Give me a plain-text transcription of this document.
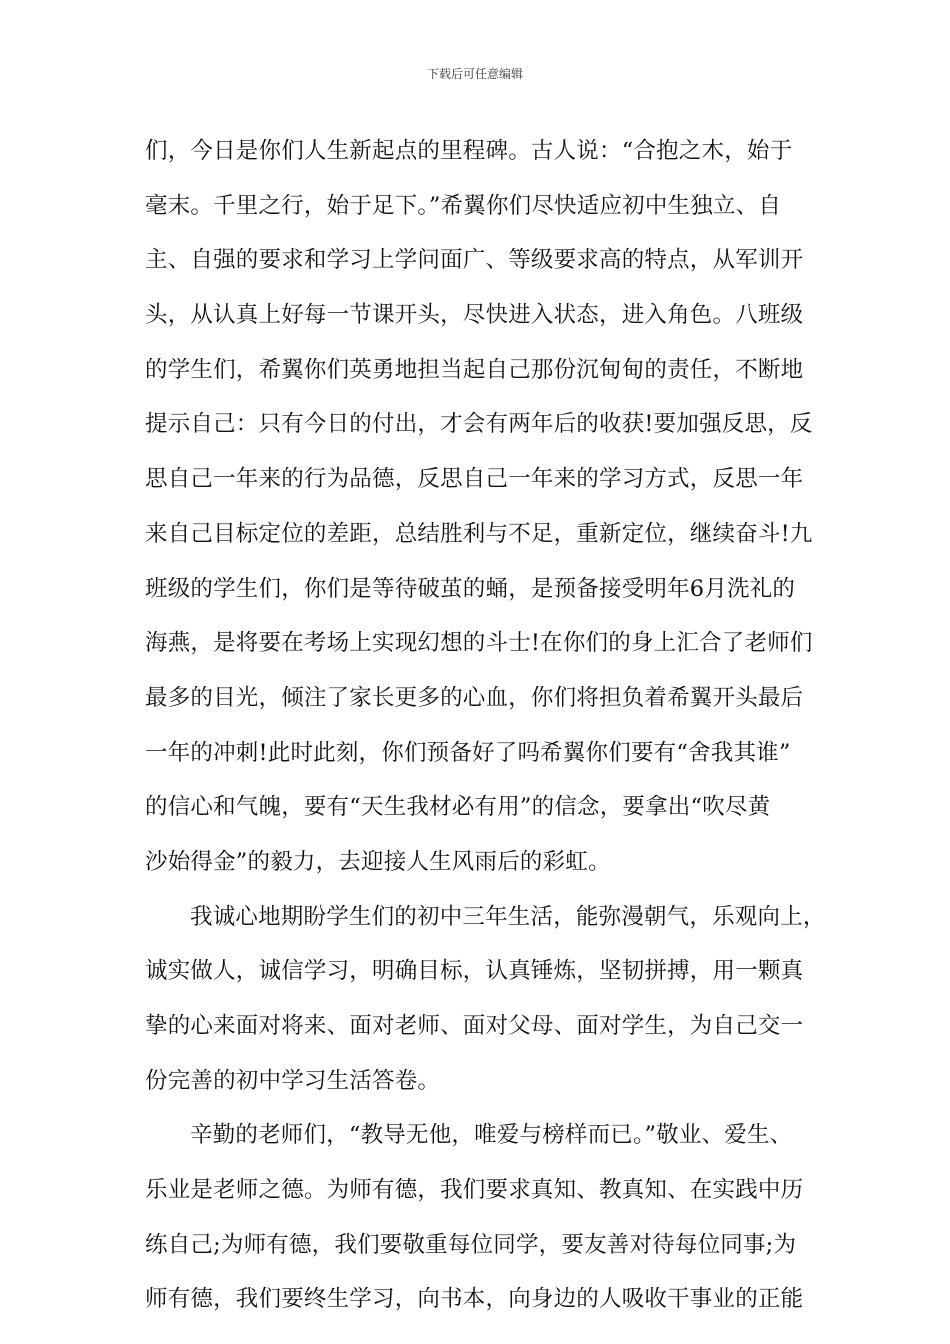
下载后可任意编辑
们，今日是你们人生新起点的里程碑。古人说：“合抱之木，始于
毫末。千里之行，始于足下。”希翼你们尽快适应初中生独立、自
主、自强的要求和学习上学问面广、等级要求高的特点，从军训开
头，从认真上好每一节课开头，尽快进入状态，进入角色。八班级
的学生们，希翼你们英勇地担当起自己那份沉甸甸的责任，不断地
提示自己：只有今日的付出，才会有两年后的收获!要加强反思，反
思自己一年来的行为品德，反思自己一年来的学习方式，反思一年
来自己目标定位的差距，总结胜利与不足，重新定位，继续奋斗!九
班级的学生们，你们是等待破茧的蛹，是预备接受明年6月洗礼的
海燕，是将要在考场上实现幻想的斗士!在你们的身上汇合了老师们
最多的目光，倾注了家长更多的心血，你们将担负着希翼开头最后
一年的冲刺!此时此刻，你们预备好了吗希翼你们要有“舍我其谁”
的信心和气魄，要有“天生我材必有用”的信念，要拿出“吹尽黄
沙始得金”的毅力，去迎接人生风雨后的彩虹。
我诚心地期盼学生们的初中三年生活，能弥漫朝气，乐观向上，
诚实做人，诚信学习，明确目标，认真锤炼，坚韧拼搏，用一颗真
挚的心来面对将来、面对老师、面对父母、面对学生，为自己交一
份完善的初中学习生活答卷。
辛勤的老师们，“教导无他，唯爱与榜样而已。”敬业、爱生、
乐业是老师之德。为师有德，我们要求真知、教真知、在实践中历
练自己;为师有德，我们要敬重每位同学，要友善对待每位同事;为
师有德，我们要终生学习，向书本，向身边的人吸收干事业的正能
